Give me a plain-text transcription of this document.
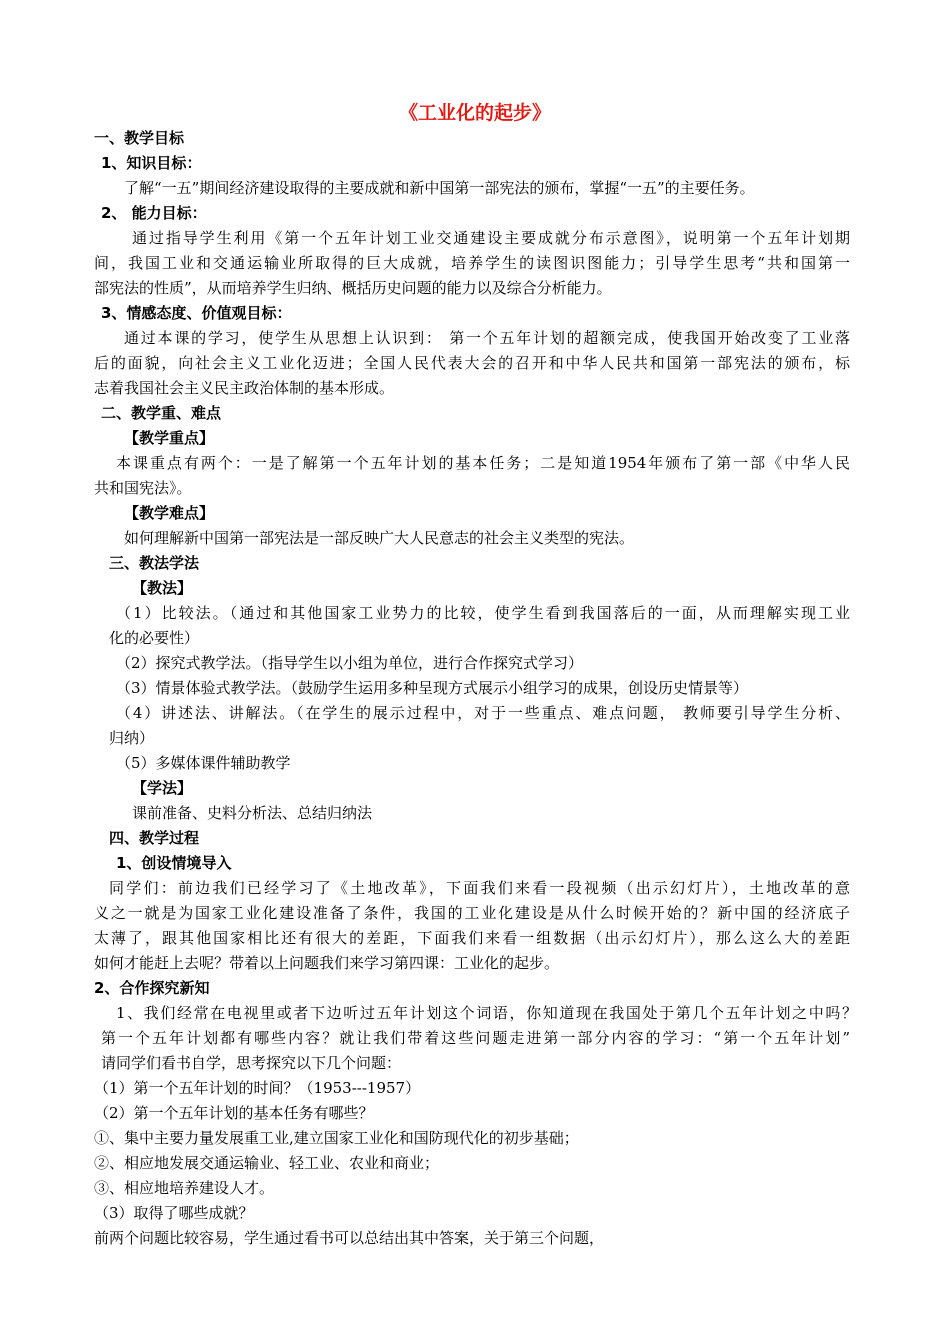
《工业化的起步》
一、教学目标
1、知识目标：
了解“一五”期间经济建设取得的主要成就和新中国第一部宪法的颁布，掌握“一五”的主要任务。
2、 能力目标：
通过指导学生利用《第一个五年计划工业交通建设主要成就分布示意图》，说明第一个五年计划期
间，我国工业和交通运输业所取得的巨大成就，培养学生的读图识图能力；引导学生思考“共和国第一
部宪法的性质”，从而培养学生归纳、概括历史问题的能力以及综合分析能力。
3、情感态度、价值观目标：
通过本课的学习，使学生从思想上认识到： 第一个五年计划的超额完成，使我国开始改变了工业落
后的面貌，向社会主义工业化迈进；全国人民代表大会的召开和中华人民共和国第一部宪法的颁布，标
志着我国社会主义民主政治体制的基本形成。
二、教学重、难点
【教学重点】
本课重点有两个：一是了解第一个五年计划的基本任务；二是知道1954年颁布了第一部《中华人民
共和国宪法》。
【教学难点】
如何理解新中国第一部宪法是一部反映广大人民意志的社会主义类型的宪法。
三、教法学法
【教法】
（1）比较法。（通过和其他国家工业势力的比较，使学生看到我国落后的一面，从而理解实现工业
化的必要性）
（2）探究式教学法。（指导学生以小组为单位，进行合作探究式学习）
（3）情景体验式教学法。（鼓励学生运用多种呈现方式展示小组学习的成果，创设历史情景等）
（4）讲述法、讲解法。（在学生的展示过程中，对于一些重点、难点问题， 教师要引导学生分析、
归纳）
（5）多媒体课件辅助教学
【学法】
课前准备、史料分析法、总结归纳法
四、教学过程
1、创设情境导入
同学们：前边我们已经学习了《土地改革》，下面我们来看一段视频（出示幻灯片），土地改革的意
义之一就是为国家工业化建设准备了条件，我国的工业化建设是从什么时候开始的？新中国的经济底子
太薄了，跟其他国家相比还有很大的差距，下面我们来看一组数据（出示幻灯片），那么这么大的差距
如何才能赶上去呢？带着以上问题我们来学习第四课：工业化的起步。
2、合作探究新知
1、我们经常在电视里或者下边听过五年计划这个词语，你知道现在我国处于第几个五年计划之中吗？
第一个五年计划都有哪些内容？就让我们带着这些问题走进第一部分内容的学习：“第一个五年计划”
请同学们看书自学，思考探究以下几个问题：
（1）第一个五年计划的时间？（1953---1957）
（2）第一个五年计划的基本任务有哪些？
①、集中主要力量发展重工业,建立国家工业化和国防现代化的初步基础；
②、相应地发展交通运输业、轻工业、农业和商业；
③、相应地培养建设人才。
（3）取得了哪些成就？
前两个问题比较容易，学生通过看书可以总结出其中答案，关于第三个问题，
